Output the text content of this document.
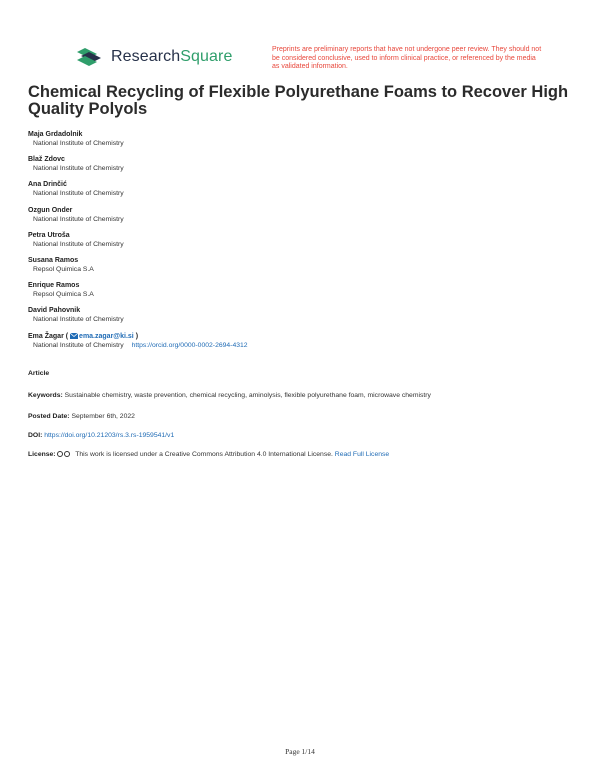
ResearchSquare	Preprints are preliminary reports that have not undergone peer review. They should not be considered conclusive, used to inform clinical practice, or referenced by the media as validated information.
Chemical Recycling of Flexible Polyurethane Foams to Recover High Quality Polyols
Maja Grdadolnik
National Institute of Chemistry
Blaž Zdovc
National Institute of Chemistry
Ana Drinčić
National Institute of Chemistry
Ozgun Onder
National Institute of Chemistry
Petra Utroša
National Institute of Chemistry
Susana Ramos
Repsol Quimica S.A
Enrique Ramos
Repsol Quimica S.A
David Pahovnik
National Institute of Chemistry
Ema Žagar ( ema.zagar@ki.si )
National Institute of Chemistry https://orcid.org/0000-0002-2694-4312
Article
Keywords: Sustainable chemistry, waste prevention, chemical recycling, aminolysis, flexible polyurethane foam, microwave chemistry
Posted Date: September 6th, 2022
DOI: https://doi.org/10.21203/rs.3.rs-1959541/v1
License:	This work is licensed under a Creative Commons Attribution 4.0 International License. Read Full License
Page 1/14
